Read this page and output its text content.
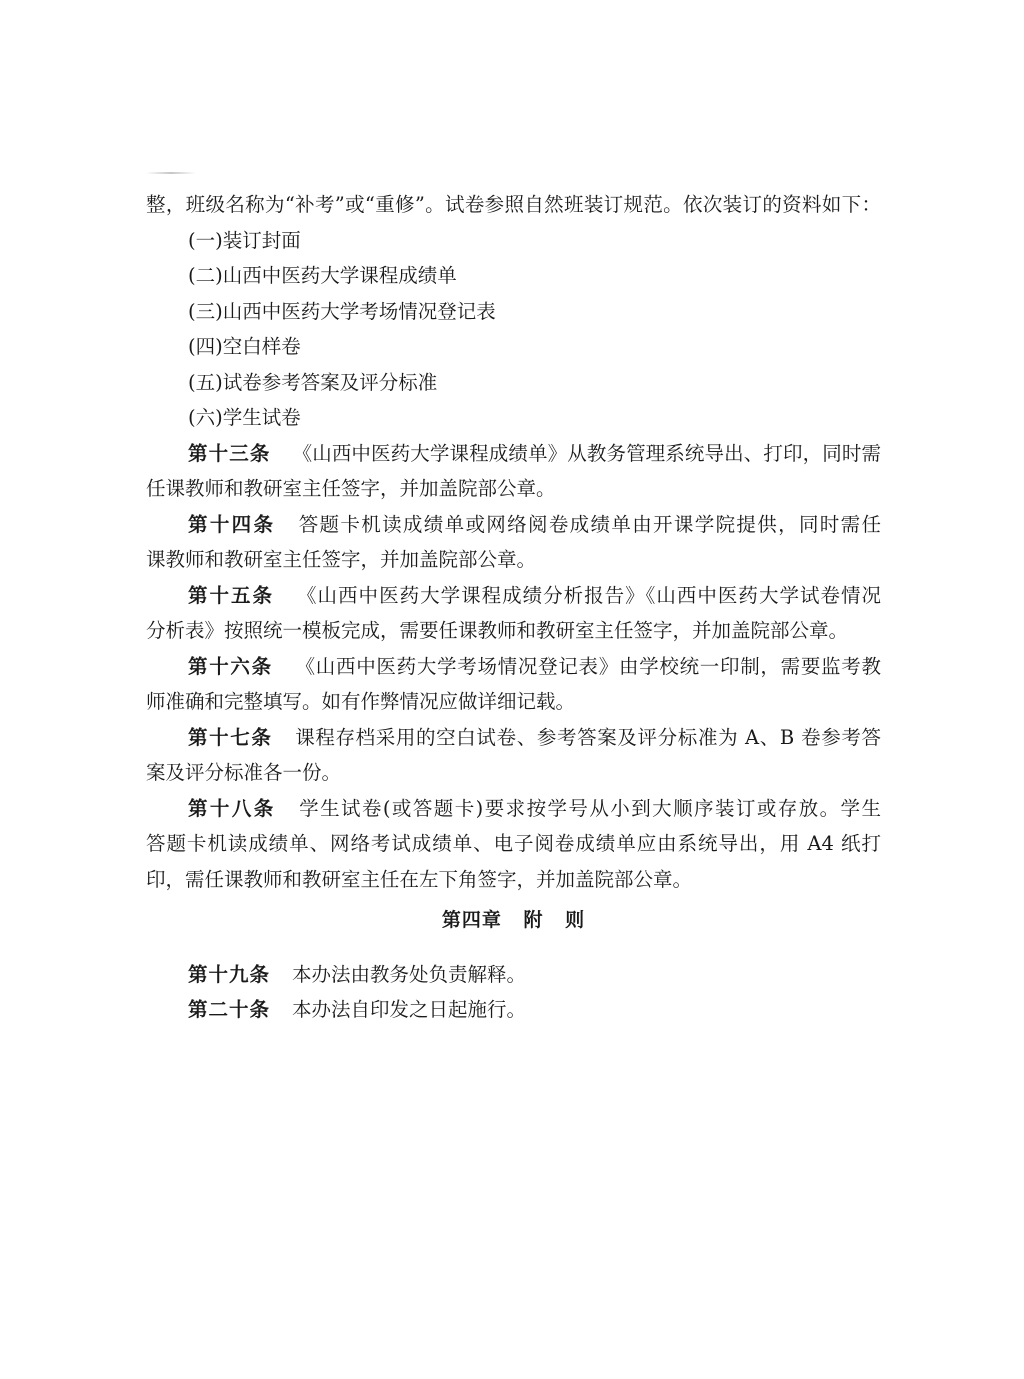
整，班级名称为“补考”或“重修”。试卷参照自然班装订规范。依次装订的资料如下：
(一)装订封面
(二)山西中医药大学课程成绩单
(三)山西中医药大学考场情况登记表
(四)空白样卷
(五)试卷参考答案及评分标准
(六)学生试卷
第十三条 《山西中医药大学课程成绩单》从教务管理系统导出、打印，同时需
任课教师和教研室主任签字，并加盖院部公章。
第十四条 答题卡机读成绩单或网络阅卷成绩单由开课学院提供，同时需任
课教师和教研室主任签字，并加盖院部公章。
第十五条 《山西中医药大学课程成绩分析报告》《山西中医药大学试卷情况
分析表》按照统一模板完成，需要任课教师和教研室主任签字，并加盖院部公章。
第十六条 《山西中医药大学考场情况登记表》由学校统一印制，需要监考教
师准确和完整填写。如有作弊情况应做详细记载。
第十七条 课程存档采用的空白试卷、参考答案及评分标准为 A、B 卷参考答
案及评分标准各一份。
第十八条 学生试卷(或答题卡)要求按学号从小到大顺序装订或存放。学生
答题卡机读成绩单、网络考试成绩单、电子阅卷成绩单应由系统导出，用 A4 纸打
印，需任课教师和教研室主任在左下角签字，并加盖院部公章。
第四章 附 则
第十九条 本办法由教务处负责解释。
第二十条 本办法自印发之日起施行。
